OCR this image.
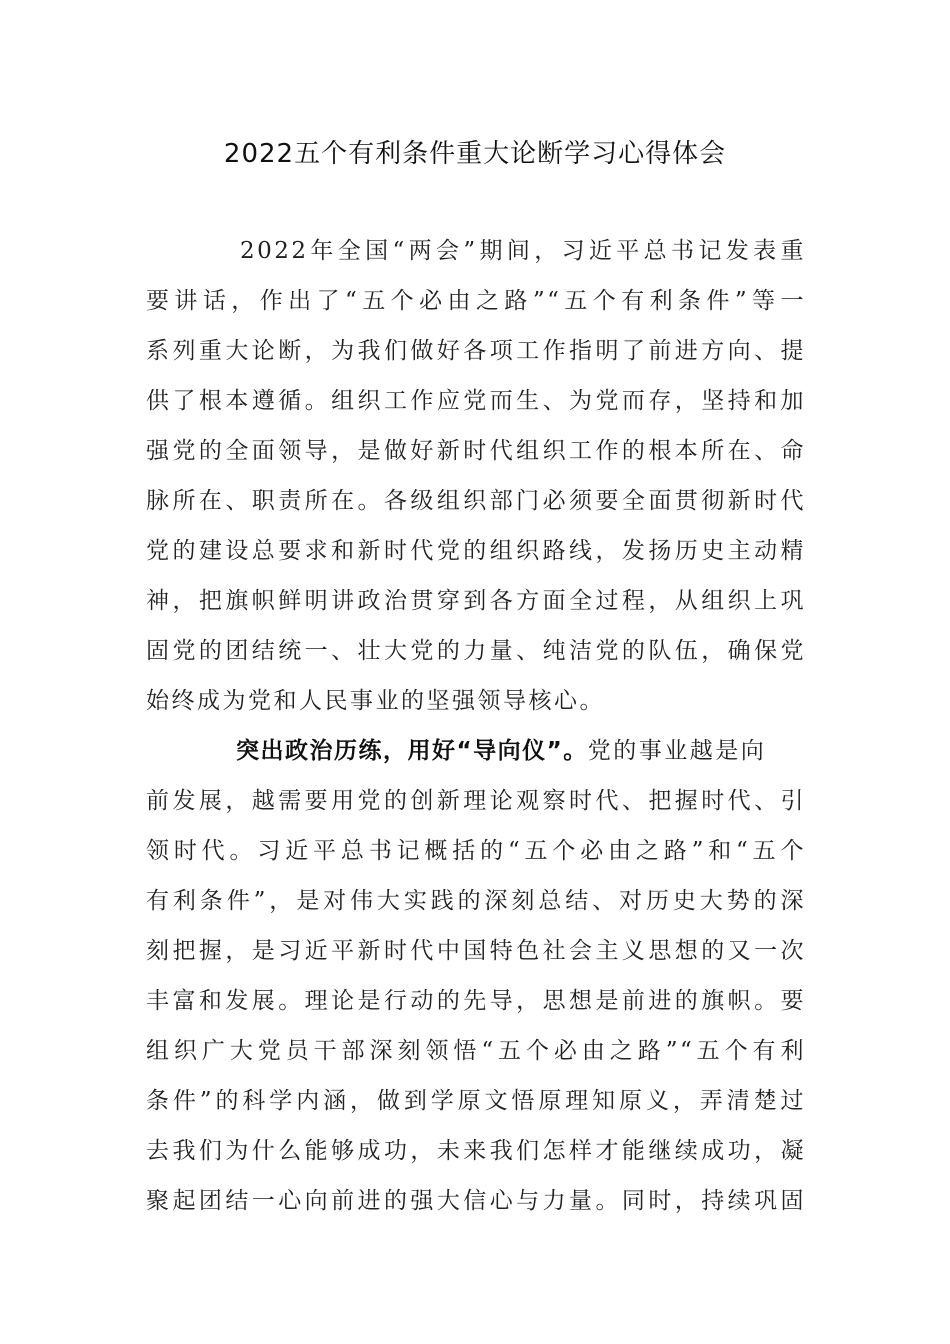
2022五个有利条件重大论断学习心得体会
2022年全国“两会”期间，习近平总书记发表重
要讲话，作出了“五个必由之路”“五个有利条件”等一
系列重大论断，为我们做好各项工作指明了前进方向、提
供了根本遵循。组织工作应党而生、为党而存，坚持和加
强党的全面领导，是做好新时代组织工作的根本所在、命
脉所在、职责所在。各级组织部门必须要全面贯彻新时代
党的建设总要求和新时代党的组织路线，发扬历史主动精
神，把旗帜鲜明讲政治贯穿到各方面全过程，从组织上巩
固党的团结统一、壮大党的力量、纯洁党的队伍，确保党
始终成为党和人民事业的坚强领导核心。
突出政治历练，用好“导向仪”。党的事业越是向
前发展，越需要用党的创新理论观察时代、把握时代、引
领时代。习近平总书记概括的“五个必由之路”和“五个
有利条件”，是对伟大实践的深刻总结、对历史大势的深
刻把握，是习近平新时代中国特色社会主义思想的又一次
丰富和发展。理论是行动的先导，思想是前进的旗帜。要
组织广大党员干部深刻领悟“五个必由之路”“五个有利
条件”的科学内涵，做到学原文悟原理知原义，弄清楚过
去我们为什么能够成功，未来我们怎样才能继续成功，凝
聚起团结一心向前进的强大信心与力量。同时，持续巩固
